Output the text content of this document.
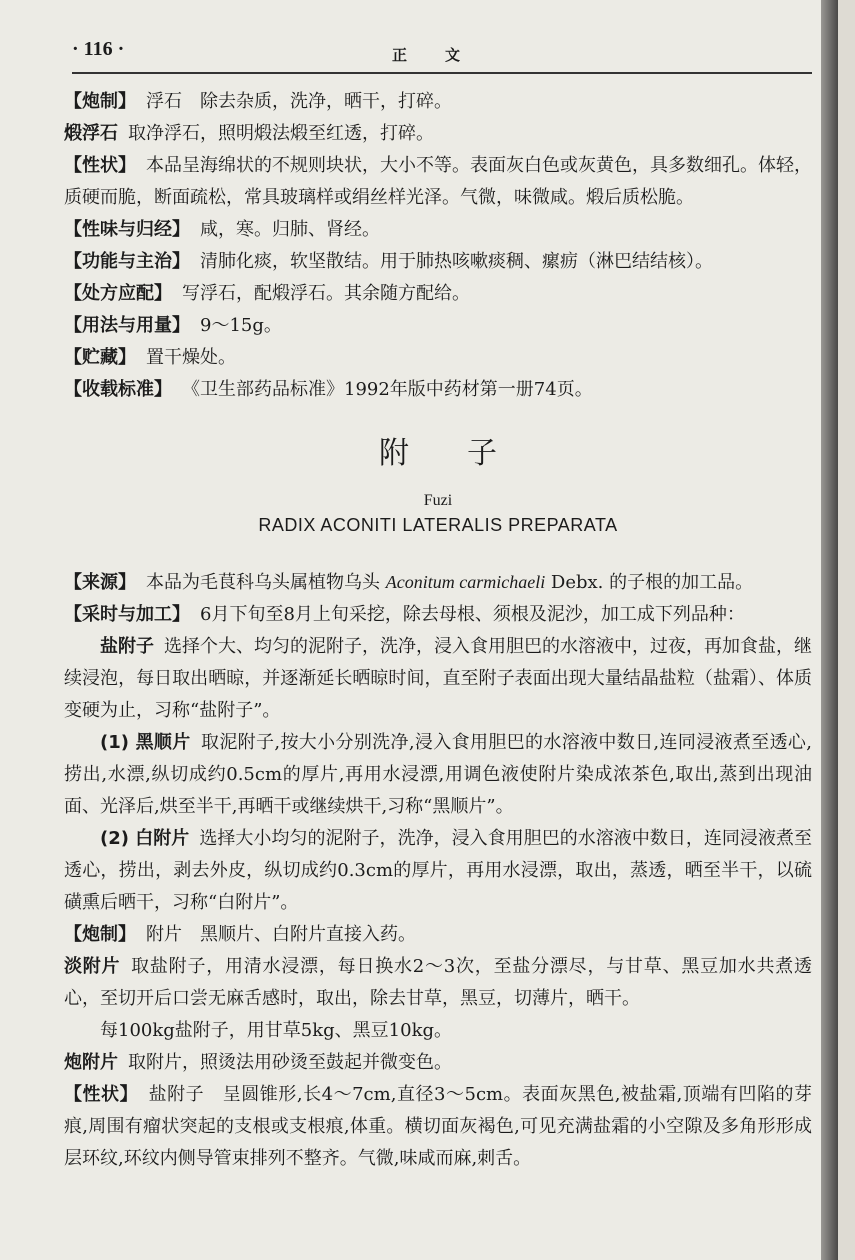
· 116 ·	正文

【炮制】 浮石　除去杂质，洗净，晒干，打碎。

煅浮石 取净浮石，照明煅法煅至红透，打碎。

【性状】 本品呈海绵状的不规则块状，大小不等。表面灰白色或灰黄色，具多数细孔。体轻，质硬而脆，断面疏松，常具玻璃样或绢丝样光泽。气微，味微咸。煅后质松脆。

【性味与归经】 咸，寒。归肺、肾经。

【功能与主治】 清肺化痰，软坚散结。用于肺热咳嗽痰稠、瘰疬（淋巴结结核）。

【处方应配】 写浮石，配煅浮石。其余随方配给。

【用法与用量】 9～15g。

【贮藏】 置干燥处。

【收载标准】 《卫生部药品标准》1992年版中药材第一册74页。

附子
Fuzi
RADIX ACONITI LATERALIS PREPARATA

【来源】 本品为毛茛科乌头属植物乌头 Aconitum carmichaeli Debx. 的子根的加工品。

【采时与加工】 6月下旬至8月上旬采挖，除去母根、须根及泥沙，加工成下列品种：

盐附子 选择个大、均匀的泥附子，洗净，浸入食用胆巴的水溶液中，过夜，再加食盐，继续浸泡，每日取出晒晾，并逐渐延长晒晾时间，直至附子表面出现大量结晶盐粒（盐霜）、体质变硬为止，习称“盐附子”。

(1) 黑顺片 取泥附子,按大小分别洗净,浸入食用胆巴的水溶液中数日,连同浸液煮至透心,捞出,水漂,纵切成约0.5cm的厚片,再用水浸漂,用调色液使附片染成浓茶色,取出,蒸到出现油面、光泽后,烘至半干,再晒干或继续烘干,习称“黑顺片”。

(2) 白附片 选择大小均匀的泥附子，洗净，浸入食用胆巴的水溶液中数日，连同浸液煮至透心，捞出，剥去外皮，纵切成约0.3cm的厚片，再用水浸漂，取出，蒸透，晒至半干，以硫磺熏后晒干，习称“白附片”。

【炮制】 附片　黑顺片、白附片直接入药。

淡附片 取盐附子，用清水浸漂，每日换水2～3次，至盐分漂尽，与甘草、黑豆加水共煮透心，至切开后口尝无麻舌感时，取出，除去甘草，黑豆，切薄片，晒干。

每100kg盐附子，用甘草5kg、黑豆10kg。

炮附片 取附片，照烫法用砂烫至鼓起并微变色。

【性状】 盐附子　呈圆锥形,长4～7cm,直径3～5cm。表面灰黑色,被盐霜,顶端有凹陷的芽痕,周围有瘤状突起的支根或支根痕,体重。横切面灰褐色,可见充满盐霜的小空隙及多角形形成层环纹,环纹内侧导管束排列不整齐。气微,味咸而麻,刺舌。
